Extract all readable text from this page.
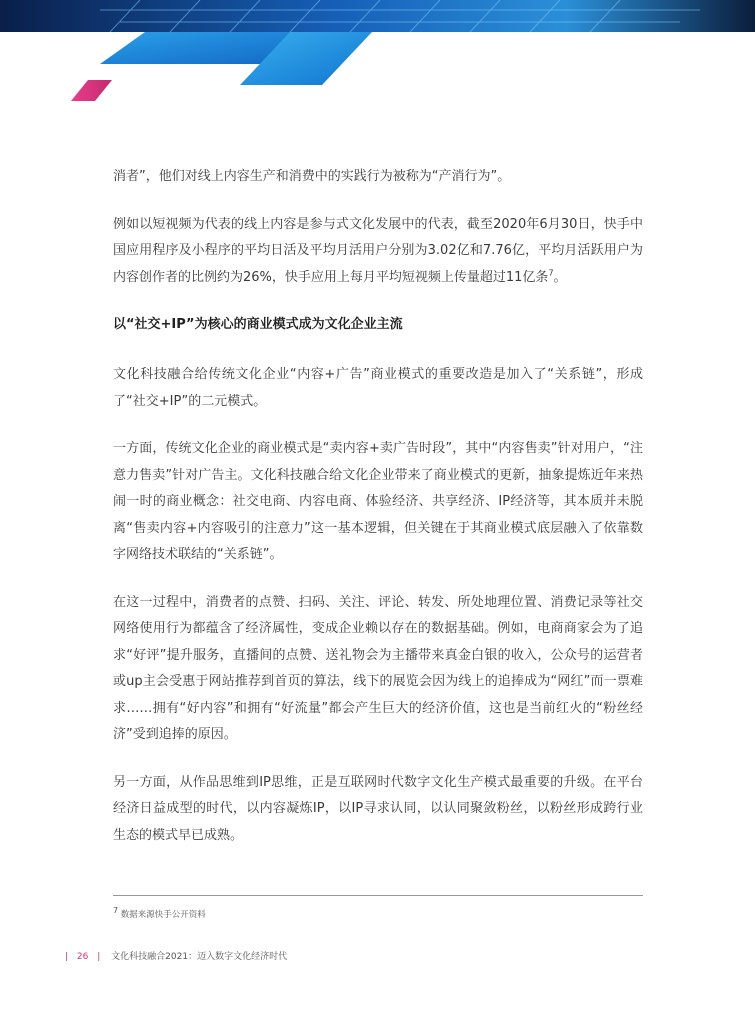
消者”，他们对线上内容生产和消费中的实践行为被称为“产消行为”。

例如以短视频为代表的线上内容是参与式文化发展中的代表，截至2020年6月30日，快手中国应用程序及小程序的平均日活及平均月活用户分别为3.02亿和7.76亿，平均月活跃用户为内容创作者的比例约为26%，快手应用上每月平均短视频上传量超过11亿条$^7$。

以“社交+IP”为核心的商业模式成为文化企业主流

文化科技融合给传统文化企业“内容+广告”商业模式的重要改造是加入了“关系链”，形成了“社交+IP”的二元模式。

一方面，传统文化企业的商业模式是“卖内容+卖广告时段”，其中“内容售卖”针对用户，“注意力售卖”针对广告主。文化科技融合给文化企业带来了商业模式的更新，抽象提炼近年来热闹一时的商业概念：社交电商、内容电商、体验经济、共享经济、IP经济等，其本质并未脱离“售卖内容+内容吸引的注意力”这一基本逻辑，但关键在于其商业模式底层融入了依靠数字网络技术联结的“关系链”。

在这一过程中，消费者的点赞、扫码、关注、评论、转发、所处地理位置、消费记录等社交网络使用行为都蕴含了经济属性，变成企业赖以存在的数据基础。例如，电商商家会为了追求“好评”提升服务，直播间的点赞、送礼物会为主播带来真金白银的收入，公众号的运营者或up主会受惠于网站推荐到首页的算法，线下的展览会因为线上的追捧成为“网红”而一票难求……拥有“好内容”和拥有“好流量”都会产生巨大的经济价值，这也是当前红火的“粉丝经济”受到追捧的原因。

另一方面，从作品思维到IP思维，正是互联网时代数字文化生产模式最重要的升级。在平台经济日益成型的时代，以内容凝炼IP，以IP寻求认同，以认同聚敛粉丝，以粉丝形成跨行业生态的模式早已成熟。

$^7$ 数据来源快手公开资料
| 26 | 文化科技融合2021：迈入数字文化经济时代
